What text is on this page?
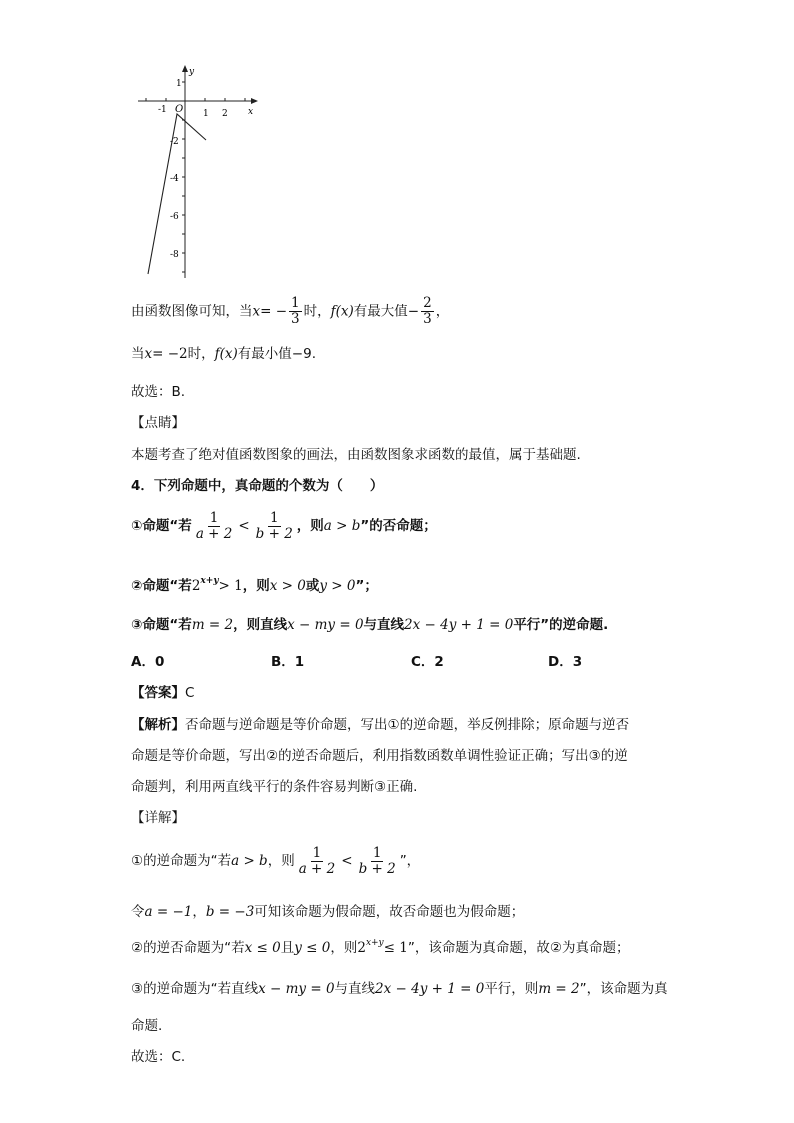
y
x
O
-1	1 2
1
-2
-4
-6
-8
由函数图像可知，当$x= - \frac{1}{3}$ 时，f(x)有最大值− $\frac{2}{3}$ ，
当x= −2时，f(x)有最小值−9.
故选：B.
【点睛】
本题考查了绝对值函数图象的画法，由函数图象求函数的最值，属于基础题.
4．下列命题中，真命题的个数为（　　）
①命题“若 $\frac{1}{a + 2} < \frac{1}{b + 2}$ ，则a > b”的否命题；
②命题“若$2^{x+y}> 1$，则x > 0或y > 0”；
③命题“若m = 2，则直线x − my = 0与直线2x − 4y + 1 = 0平行”的逆命题.
A．0	B．1	C．2	D．3
【答案】C
【解析】否命题与逆命题是等价命题，写出①的逆命题，举反例排除；原命题与逆否
命题是等价命题，写出②的逆否命题后，利用指数函数单调性验证正确；写出③的逆
命题判，利用两直线平行的条件容易判断③正确.
【详解】
①的逆命题为“若a > b，则 $\frac{1}{a + 2} < \frac{1}{b + 2}$ ”，
令a = −1，b = −3可知该命题为假命题，故否命题也为假命题；
②的逆否命题为“若x ≤ 0且y ≤ 0，则$2^{x+y}\le 1$”，该命题为真命题，故②为真命题；
③的逆命题为“若直线x − my = 0与直线2x − 4y + 1 = 0平行，则m = 2”，该命题为真
命题.
故选：C.
